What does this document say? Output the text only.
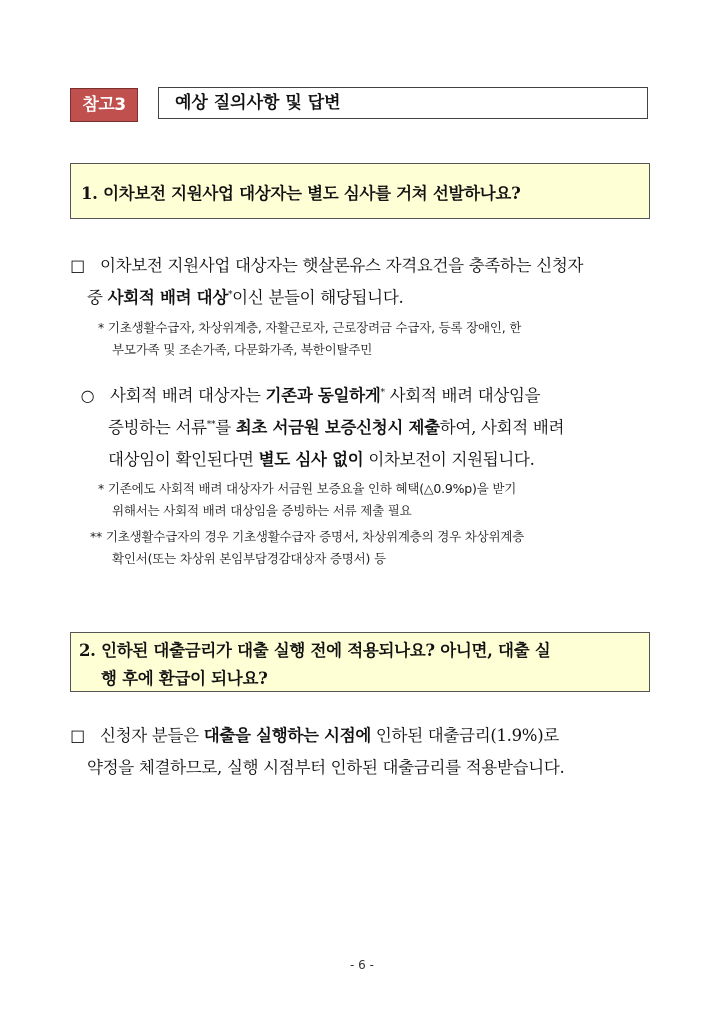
참고3	예상 질의사항 및 답변
1. 이차보전 지원사업 대상자는 별도 심사를 거쳐 선발하나요?
□ 이차보전 지원사업 대상자는 햇살론유스 자격요건을 충족하는 신청자
중 사회적 배려 대상*이신 분들이 해당됩니다.
* 기초생활수급자, 차상위계층, 자활근로자, 근로장려금 수급자, 등록 장애인, 한
부모가족 및 조손가족, 다문화가족, 북한이탈주민
○ 사회적 배려 대상자는 기존과 동일하게* 사회적 배려 대상임을
증빙하는 서류**를 최초 서금원 보증신청시 제출하여, 사회적 배려
대상임이 확인된다면 별도 심사 없이 이차보전이 지원됩니다.
* 기존에도 사회적 배려 대상자가 서금원 보증요율 인하 혜택(△0.9%p)을 받기
위해서는 사회적 배려 대상임을 증빙하는 서류 제출 필요
** 기초생활수급자의 경우 기초생활수급자 증명서, 차상위계층의 경우 차상위계층
확인서(또는 차상위 본임부담경감대상자 증명서) 등
2. 인하된 대출금리가 대출 실행 전에 적용되나요? 아니면, 대출 실
행 후에 환급이 되나요?
□ 신청자 분들은 대출을 실행하는 시점에 인하된 대출금리(1.9%)로
약정을 체결하므로, 실행 시점부터 인하된 대출금리를 적용받습니다.
- 6 -
